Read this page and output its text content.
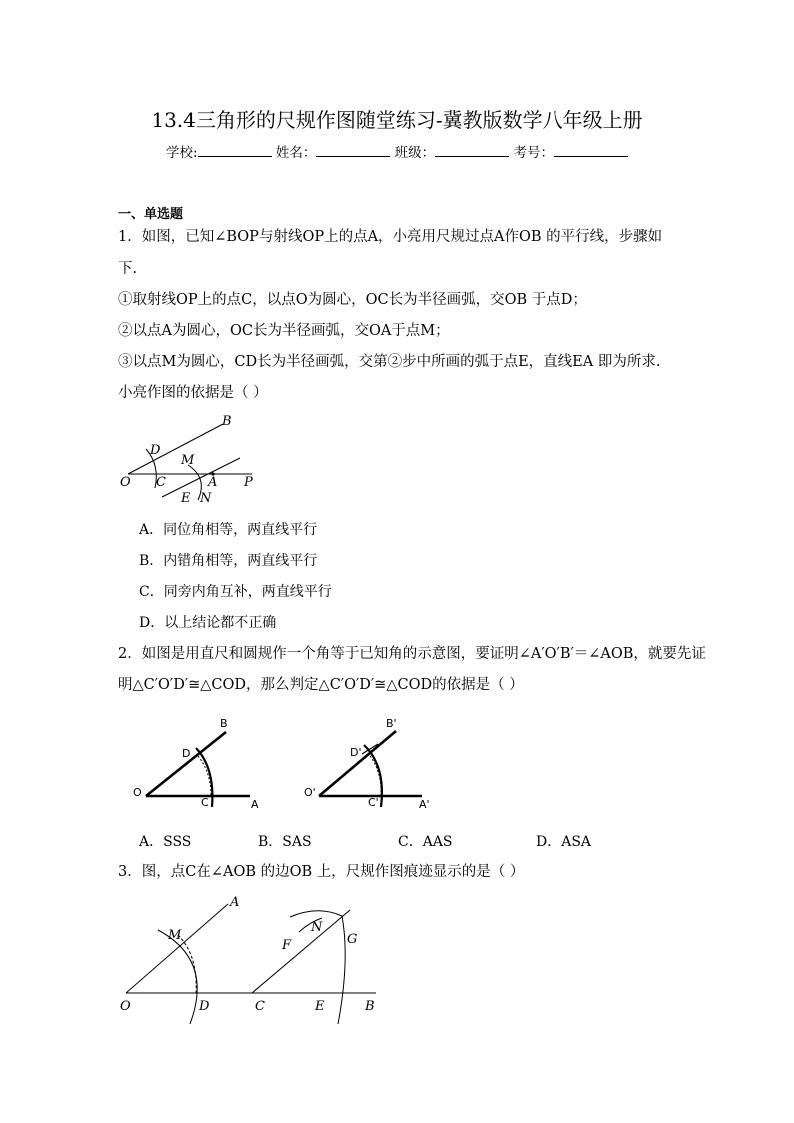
13.4三角形的尺规作图随堂练习-冀教版数学八年级上册
学校:	姓名：	班级：	考号：
一、单选题
1．如图，已知∠BOP与射线OP上的点A，小亮用尺规过点A作OB 的平行线，步骤如
下.
①取射线OP上的点C，以点O为圆心，OC长为半径画弧，交OB 于点D；
②以点A为圆心，OC长为半径画弧，交OA于点M；
③以点M为圆心，CD长为半径画弧，交第②步中所画的弧于点E，直线EA 即为所求.
小亮作图的依据是（ ）
B
D
M
O C	A P
E N
A．同位角相等，两直线平行
B．内错角相等，两直线平行
C．同旁内角互补，两直线平行
D．以上结论都不正确
2．如图是用直尺和圆规作一个角等于已知角的示意图，要证明∠A′O′B′＝∠AOB，就要先证
明△C′O′D′≅△COD，那么判定△C′O′D′≅△COD的依据是（ ）
B
D
O
C	A
B'
D'
O'
C'	A'
A．SSS	B．SAS	C．AAS	D．ASA
3．图，点C在∠AOB 的边OB 上，尺规作图痕迹显示的是（ ）
A
M
O	D
N
F	G
C	E	B
